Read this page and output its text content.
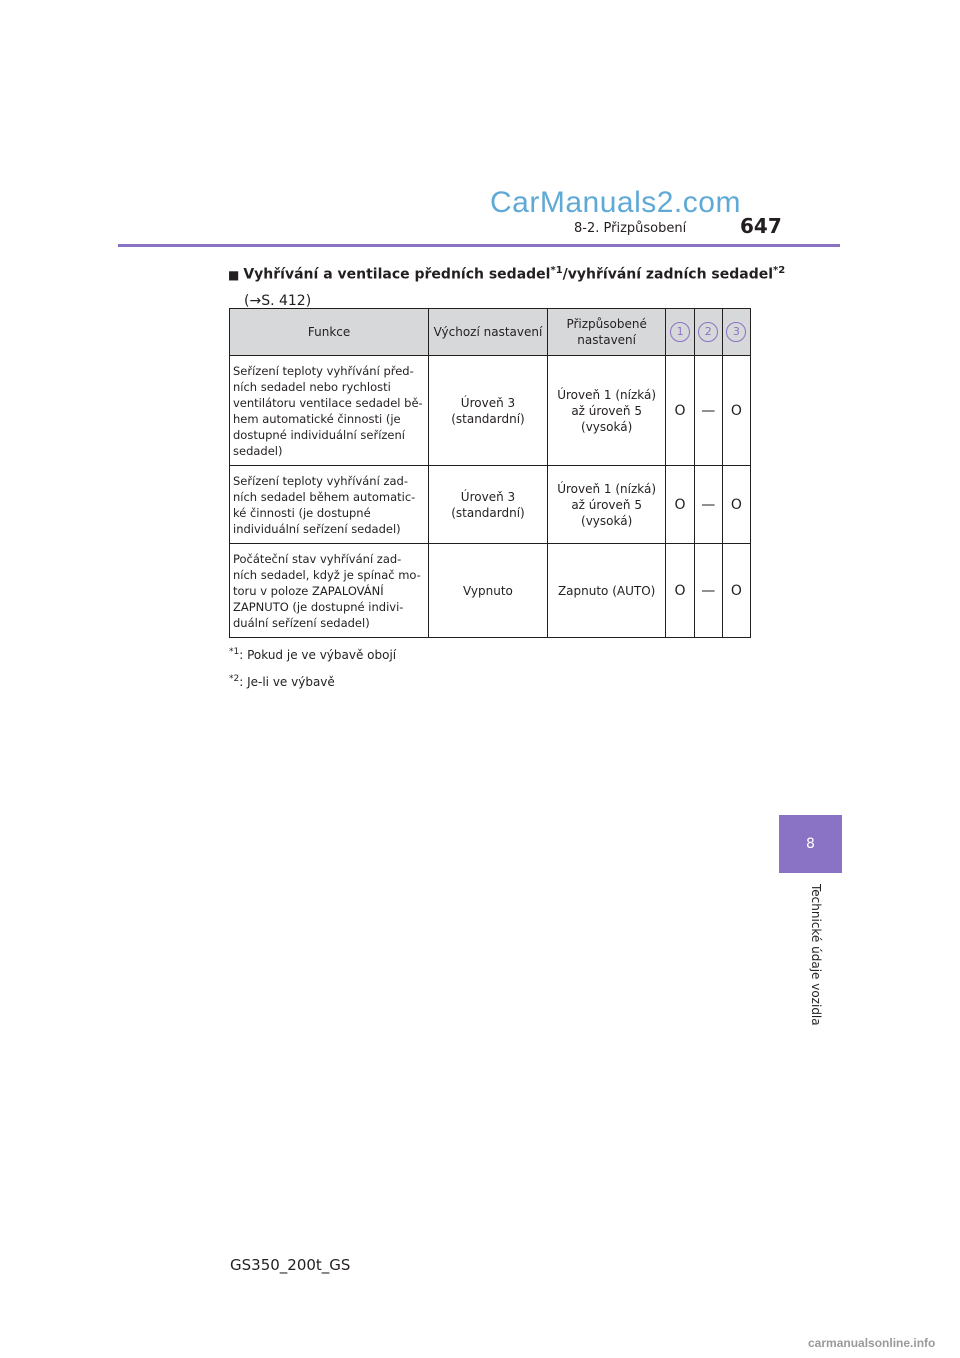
CarManuals2.com
8-2. Přizpůsobení	647
■ Vyhřívání a ventilace předních sedadel$^{*1}$/vyhřívání zadních sedadel$^{*2}$
(→S. 412)
Funkce	Výchozí nastavení	Přizpůsobené nastavení	1	2	3
Seřízení teploty vyhřívání před-ních sedadel nebo rychlosti ventilátoru ventilace sedadel bě-hem automatické činnosti (je dostupné individuální seřízení sedadel)	Úroveň 3 (standardní)	Úroveň 1 (nízká) až úroveň 5 (vysoká)	O	—	O
Seřízení teploty vyhřívání zad-ních sedadel během automatic-ké činnosti (je dostupné individuální seřízení sedadel)	Úroveň 3 (standardní)	Úroveň 1 (nízká) až úroveň 5 (vysoká)	O	—	O
Počáteční stav vyhřívání zad-ních sedadel, když je spínač mo-toru v poloze ZAPALOVÁNÍ ZAPNUTO (je dostupné indivi-duální seřízení sedadel)	Vypnuto	Zapnuto (AUTO)	O	—	O
$^{*1}$: Pokud je ve výbavě obojí
$^{*2}$: Je-li ve výbavě
8
Technické údaje vozidla
GS350_200t_GS
carmanualsonline.info
